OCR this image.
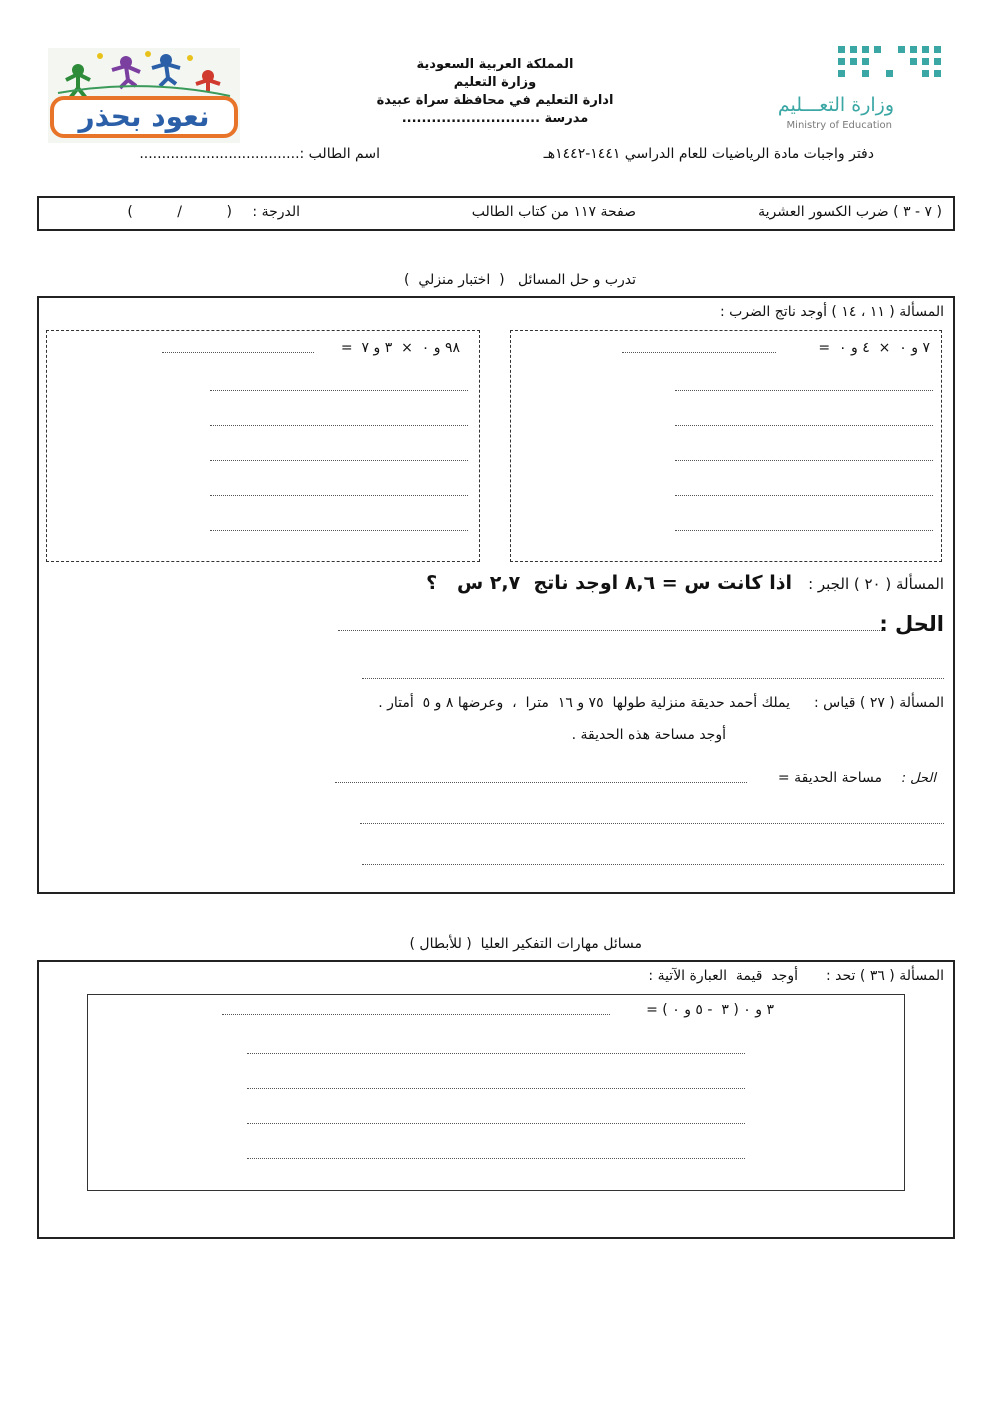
نعود بحذر
المملكة العربية السعودية
وزارة التعليم
ادارة التعليم في محافظة سراة عبيدة
مدرسة ............................
وزارة التعـــليم
Ministry of Education
دفتر واجبات مادة الرياضيات للعام الدراسي ١٤٤١-١٤٤٢هـ
اسم الطالب :....................................
( ٧ - ٣ ) ضرب الكسور العشرية
صفحة ١١٧ من كتاب الطالب
الدرجة :
(          /          )
تدرب و حل المسائل   (  اختبار منزلي  )
المسألة ( ١١ ، ١٤ ) أوجد ناتج الضرب :
٧ و ٠  ×  ٤ و ٠  =
٩٨ و ٠  ×  ٣ و ٧  =
المسألة ( ٢٠ ) الجبر :
اذا كانت س = ٨,٦ اوجد ناتج  ٢,٧ س   ؟
الحل :
المسألة ( ٢٧ ) قياس :
يملك أحمد حديقة منزلية طولها  ٧٥ و ١٦  مترا  ،  وعرضها ٨ و ٥  أمتار .
أوجد مساحة هذه الحديقة .
الحل :
مساحة الحديقة =
مسائل مهارات التفكير العليا  ( للأبطال )
المسألة ( ٣٦ ) تحد :
أوجد  قيمة  العبارة الآتية :
٣ و ٠ ( ٣  - ٥ و ٠ ) =
